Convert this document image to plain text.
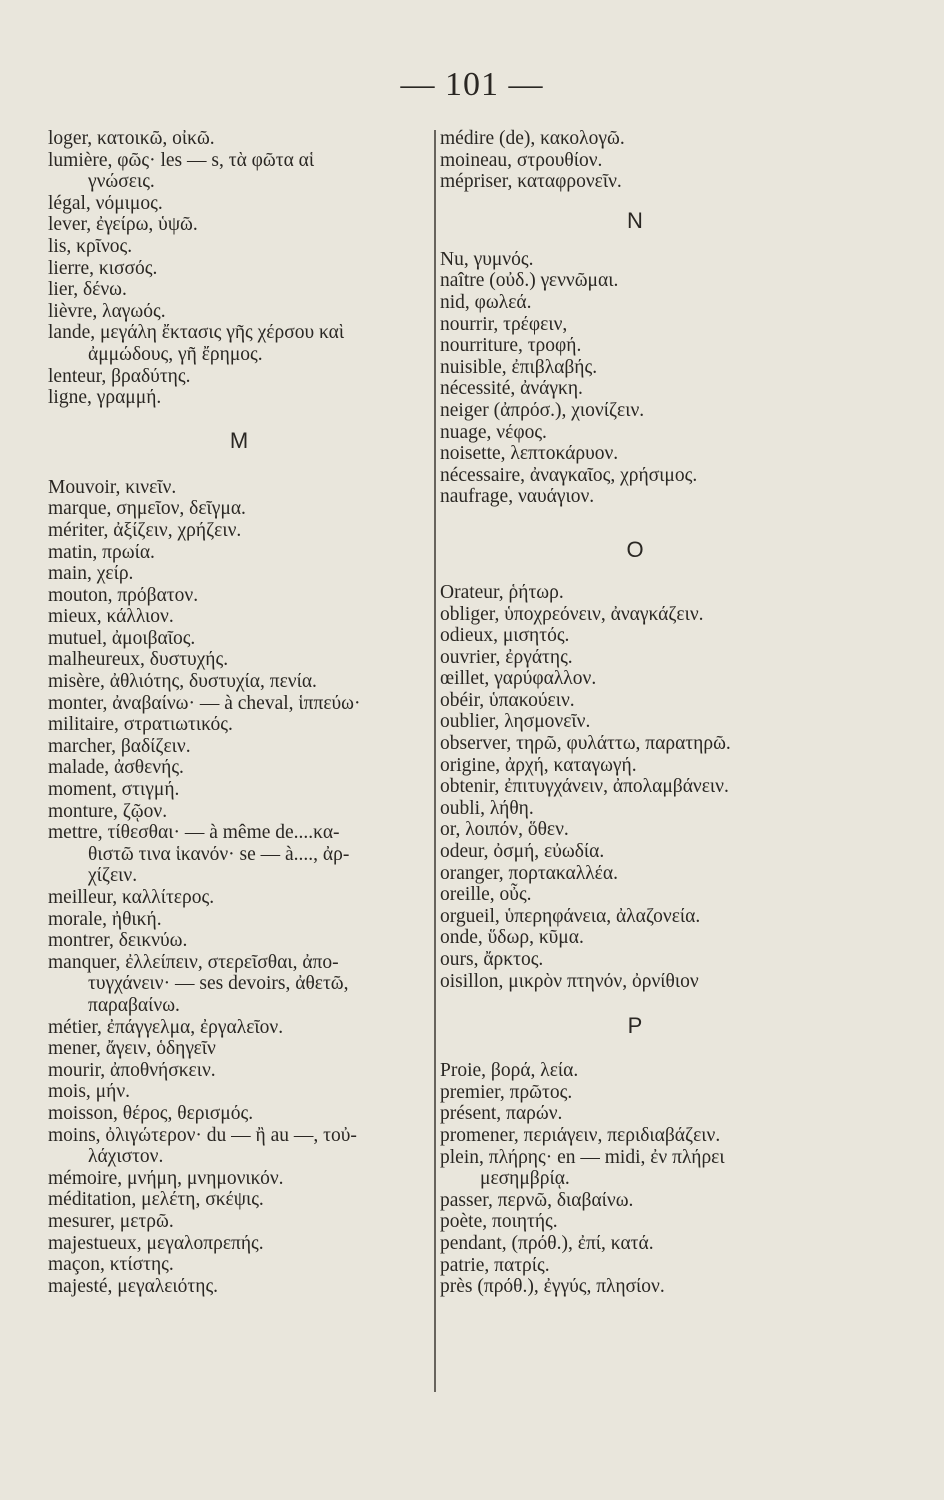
— 101 —

loger, κατοικῶ, οἰκῶ.

lumière, φῶς· les — s, τὰ φῶτα αἱ

γνώσεις.

légal, νόμιμος.

lever, ἐγείρω, ὑψῶ.

lis, κρῖνος.

lierre, κισσός.

lier, δένω.

lièvre, λαγωός.

lande, μεγάλη ἔκτασις γῆς χέρσου καὶ

ἀμμώδους, γῆ ἔρημος.

lenteur, βραδύτης.

ligne, γραμμή.

M

Mouvoir, κινεῖν.

marque, σημεῖον, δεῖγμα.

mériter, ἀξίζειν, χρήζειν.

matin, πρωία.

main, χείρ.

mouton, πρόβατον.

mieux, κάλλιον.

mutuel, ἀμοιβαῖος.

malheureux, δυστυχής.

misère, ἀθλιότης, δυστυχία, πενία.

monter, ἀναβαίνω· — à cheval, ἱππεύω·

militaire, στρατιωτικός.

marcher, βαδίζειν.

malade, ἀσθενής.

moment, στιγμή.

monture, ζῷον.

mettre, τίθεσθαι· — à même de....κα-

θιστῶ τινα ἱκανόν· se — à...., ἀρ-

χίζειν.

meilleur, καλλίτερος.

morale, ἠθική.

montrer, δεικνύω.

manquer, ἐλλείπειν, στερεῖσθαι, ἀπο-

τυγχάνειν· — ses devoirs, ἀθετῶ,

παραβαίνω.

métier, ἐπάγγελμα, ἐργαλεῖον.

mener, ἄγειν, ὁδηγεῖν

mourir, ἀποθνήσκειν.

mois, μήν.

moisson, θέρος, θερισμός.

moins, ὀλιγώτερον· du — ἢ au —, τοὐ-

λάχιστον.

mémoire, μνήμη, μνημονικόν.

méditation, μελέτη, σκέψις.

mesurer, μετρῶ.

majestueux, μεγαλοπρεπής.

maçon, κτίστης.

majesté, μεγαλειότης.

médire (de), κακολογῶ.

moineau, στρουθίον.

mépriser, καταφρονεῖν.

N

Nu, γυμνός.

naître (οὐδ.) γεννῶμαι.

nid, φωλεά.

nourrir, τρέφειν,

nourriture, τροφή.

nuisible, ἐπιβλαβής.

nécessité, ἀνάγκη.

neiger (ἀπρόσ.), χιονίζειν.

nuage, νέφος.

noisette, λεπτοκάρυον.

nécessaire, ἀναγκαῖος, χρήσιμος.

naufrage, ναυάγιον.

O

Orateur, ῥήτωρ.

obliger, ὑποχρεόνειν, ἀναγκάζειν.

odieux, μισητός.

ouvrier, ἐργάτης.

œillet, γαρύφαλλον.

obéir, ὑπακούειν.

oublier, λησμονεῖν.

observer, τηρῶ, φυλάττω, παρατηρῶ.

origine, ἀρχή, καταγωγή.

obtenir, ἐπιτυγχάνειν, ἀπολαμβάνειν.

oubli, λήθη.

or, λοιπόν, ὅθεν.

odeur, ὀσμή, εὐωδία.

oranger, πορτακαλλέα.

oreille, οὖς.

orgueil, ὑπερηφάνεια, ἀλαζονεία.

onde, ὕδωρ, κῦμα.

ours, ἄρκτος.

oisillon, μικρὸν πτηνόν, ὀρνίθιον

P

Proie, βορά, λεία.

premier, πρῶτος.

présent, παρών.

promener, περιάγειν, περιδιαβάζειν.

plein, πλήρης· en — midi, ἐν πλήρει

μεσημβρίᾳ.

passer, περνῶ, διαβαίνω.

poète, ποιητής.

pendant, (πρόθ.), ἐπί, κατά.

patrie, πατρίς.

près (πρόθ.), ἐγγύς, πλησίον.
